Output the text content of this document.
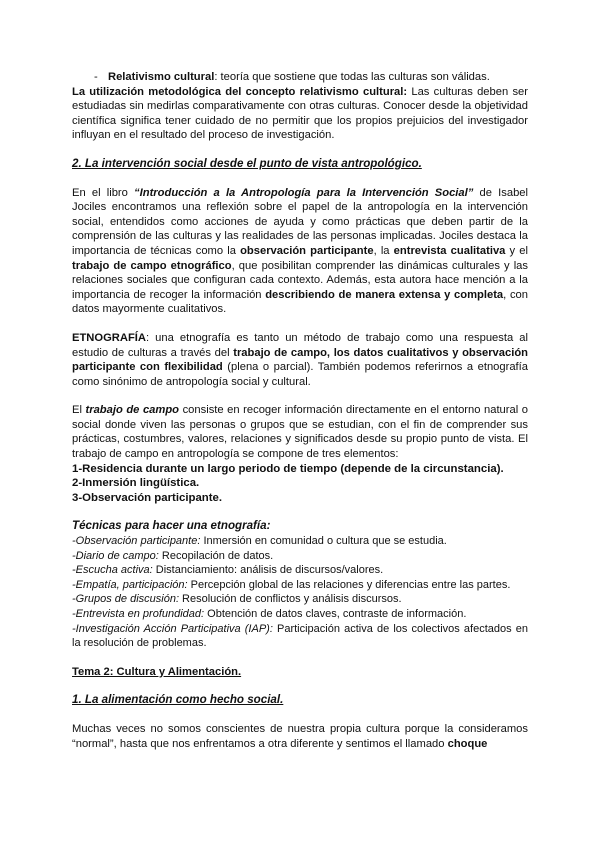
- Relativismo cultural: teoría que sostiene que todas las culturas son válidas.

La utilización metodológica del concepto relativismo cultural: Las culturas deben ser estudiadas sin medirlas comparativamente con otras culturas. Conocer desde la objetividad científica significa tener cuidado de no permitir que los propios prejuicios del investigador influyan en el resultado del proceso de investigación.

2. La intervención social desde el punto de vista antropológico.

En el libro “Introducción a la Antropología para la Intervención Social” de Isabel Jociles encontramos una reflexión sobre el papel de la antropología en la intervención social, entendidos como acciones de ayuda y como prácticas que deben partir de la comprensión de las culturas y las realidades de las personas implicadas. Jociles destaca la importancia de técnicas como la observación participante, la entrevista cualitativa y el trabajo de campo etnográfico, que posibilitan comprender las dinámicas culturales y las relaciones sociales que configuran cada contexto. Además, esta autora hace mención a la importancia de recoger la información describiendo de manera extensa y completa, con datos mayormente cualitativos.

ETNOGRAFÍA: una etnografía es tanto un método de trabajo como una respuesta al estudio de culturas a través del trabajo de campo, los datos cualitativos y observación participante con flexibilidad (plena o parcial). También podemos referirnos a etnografía como sinónimo de antropología social y cultural.

El trabajo de campo consiste en recoger información directamente en el entorno natural o social donde viven las personas o grupos que se estudian, con el fin de comprender sus prácticas, costumbres, valores, relaciones y significados desde su propio punto de vista. El trabajo de campo en antropología se compone de tres elementos:

1-Residencia durante un largo periodo de tiempo (depende de la circunstancia).

2-Inmersión lingüística.

3-Observación participante.

Técnicas para hacer una etnografía:

-Observación participante: Inmersión en comunidad o cultura que se estudia.

-Diario de campo: Recopilación de datos.

-Escucha activa: Distanciamiento: análisis de discursos/valores.

-Empatía, participación: Percepción global de las relaciones y diferencias entre las partes.

-Grupos de discusión: Resolución de conflictos y análisis discursos.

-Entrevista en profundidad: Obtención de datos claves, contraste de información.

-Investigación Acción Participativa (IAP): Participación activa de los colectivos afectados en la resolución de problemas.

Tema 2: Cultura y Alimentación.

1. La alimentación como hecho social.

Muchas veces no somos conscientes de nuestra propia cultura porque la consideramos “normal”, hasta que nos enfrentamos a otra diferente y sentimos el llamado choque
